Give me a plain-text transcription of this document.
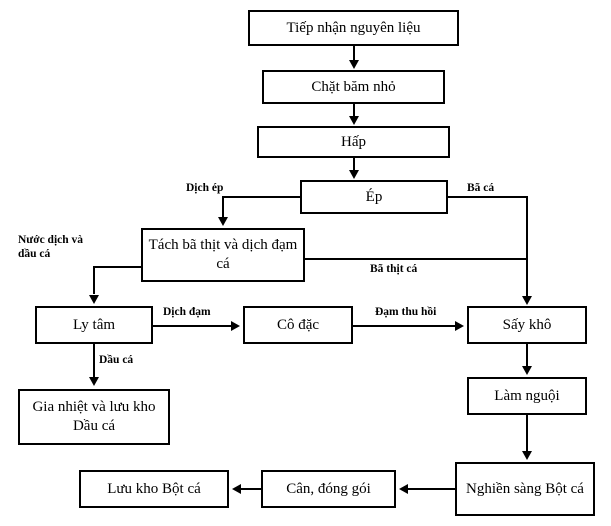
Tiếp nhận nguyên liệu
Chặt băm nhỏ
Hấp
Ép
Tách bã thịt và dịch đạm cá
Ly tâm	Cô đặc	Sấy khô
Gia nhiệt và lưu kho Dầu cá
Làm nguội
Nghiền sàng Bột cá
Cân, đóng gói
Lưu kho Bột cá
Dịch ép	Bã cá
Bã thịt cá
Nước dịch và dầu cá
Dịch đạm	Đạm thu hồi
Dầu cá
